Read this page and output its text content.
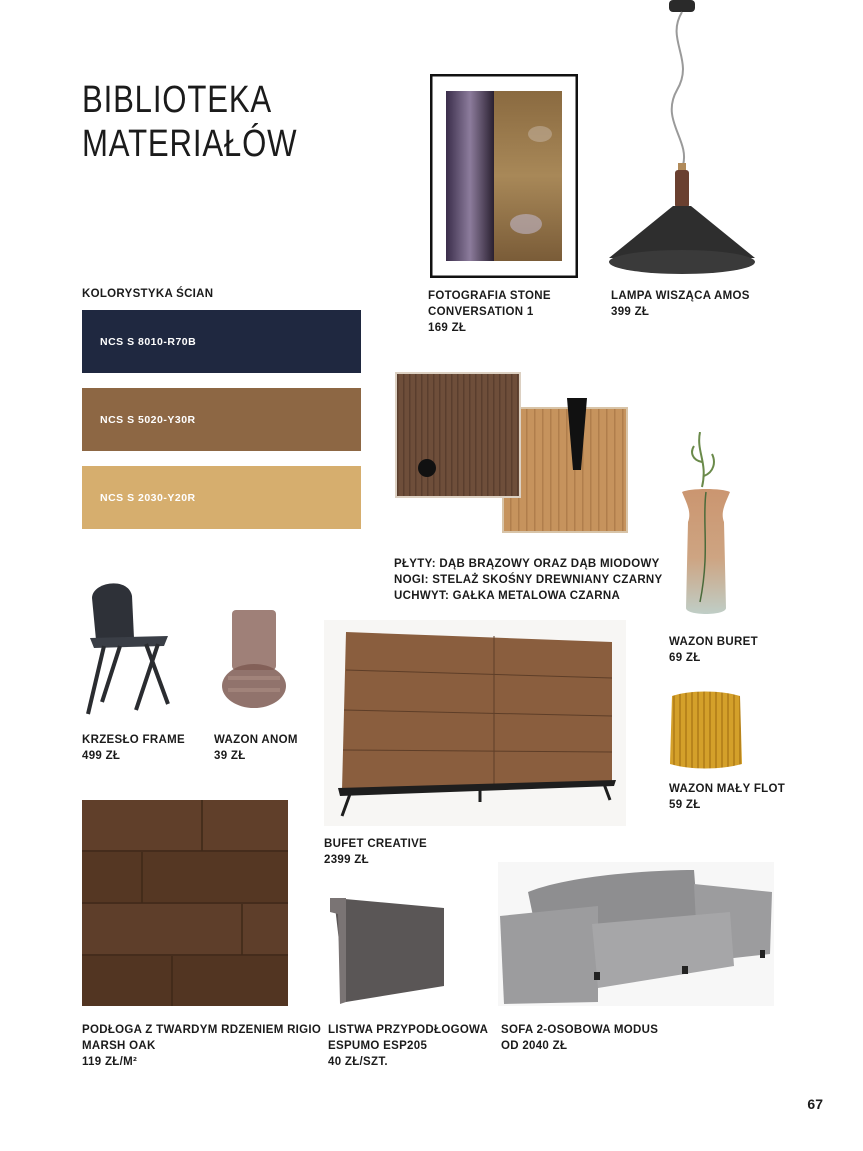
BIBLIOTEKA
MATERIAŁÓW
KOLORYSTYKA ŚCIAN
NCS S 8010-R70B
NCS S 5020-Y30R
NCS S 2030-Y20R
FOTOGRAFIA STONE
CONVERSATION 1
169 ZŁ
LAMPA WISZĄCA AMOS
399 ZŁ
PŁYTY: DĄB BRĄZOWY ORAZ DĄB MIODOWY
NOGI: STELAŻ SKOŚNY DREWNIANY CZARNY
UCHWYT: GAŁKA METALOWA CZARNA
WAZON BURET
69 ZŁ
KRZESŁO FRAME
499 ZŁ
WAZON ANOM
39 ZŁ
BUFET CREATIVE
2399 ZŁ
WAZON MAŁY FLOT
59 ZŁ
PODŁOGA Z TWARDYM RDZENIEM RIGIO
MARSH OAK
119 ZŁ/M²
LISTWA PRZYPODŁOGOWA
ESPUMO ESP205
40 ZŁ/SZT.
SOFA 2-OSOBOWA MODUS
OD 2040 ZŁ
67
